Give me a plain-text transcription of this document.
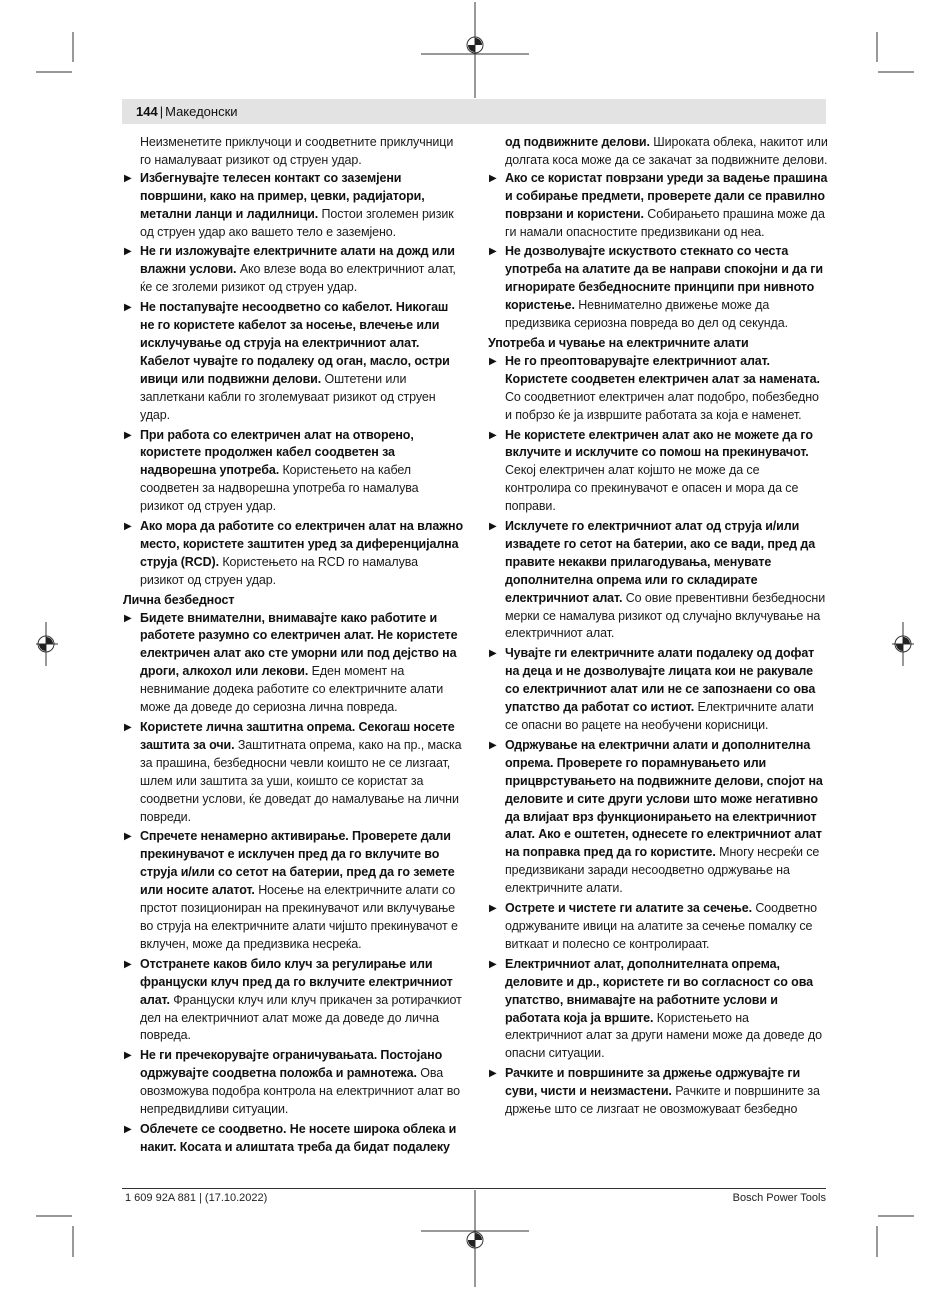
144 | Македонски

Неизменетите приклучоци и соодветните приклучници го намалуваат ризикот од струен удар.

▶ Избегнувајте телесен контакт со заземјени површини, како на пример, цевки, радијатори, метални ланци и ладилници. Постои зголемен ризик од струен удар ако вашето тело е заземјено.
▶ Не ги изложувајте електричните алати на дожд или влажни услови. Ако влезе вода во електричниот алат, ќе се зголеми ризикот од струен удар.
▶ Не постапувајте несоодветно со кабелот. Никогаш не го користете кабелот за носење, влечење или исклучување од струја на електричниот алат. Кабелот чувајте го подалеку од оган, масло, остри ивици или подвижни делови. Оштетени или заплеткани кабли го зголемуваат ризикот од струен удар.
▶ При работа со електричен алат на отворено, користете продолжен кабел соодветен за надворешна употреба. Користењето на кабел соодветен за надворешна употреба го намалува ризикот од струен удар.
▶ Ако мора да работите со електричен алат на влажно место, користете заштитен уред за диференцијална струја (RCD). Користењето на RCD го намалува ризикот од струен удар.

Лична безбедност

▶ Бидете внимателни, внимавајте како работите и работете разумно со електричен алат. Не користете електричен алат ако сте уморни или под дејство на дроги, алкохол или лекови. Еден момент на невнимание додека работите со електричните алати може да доведе до сериозна лична повреда.
▶ Користете лична заштитна опрема. Секогаш носете заштита за очи. Заштитната опрема, како на пр., маска за прашина, безбедносни чевли коишто не се лизгаат, шлем или заштита за уши, коишто се користат за соодветни услови, ќе доведат до намалување на лични повреди.
▶ Спречете ненамерно активирање. Проверете дали прекинувачот е исклучен пред да го вклучите во струја и/или со сетот на батерии, пред да го земете или носите алатот. Носење на електричните алати со прстот позициониран на прекинувачот или вклучување во струја на електричните алати чијшто прекинувачот е вклучен, може да предизвика несреќа.
▶ Отстранете каков било клуч за регулирање или француски клуч пред да го вклучите електричниот алат. Француски клуч или клуч прикачен за ротирачкиот дел на електричниот алат може да доведе до лична повреда.
▶ Не ги пречекорувајте ограничувањата. Постојано одржувајте соодветна положба и рамнотежа. Ова овозможува подобра контрола на електричниот алат во непредвидливи ситуации.
▶ Облечете се соодветно. Не носете широка облека и накит. Косата и алиштата треба да бидат подалеку

од подвижните делови. Широката облека, накитот или долгата коса може да се закачат за подвижните делови.

▶ Ако се користат поврзани уреди за вадење прашина и собирање предмети, проверете дали се правилно поврзани и користени. Собирањето прашина може да ги намали опасностите предизвикани од неа.
▶ Не дозволувајте искуството стекнато со честа употреба на алатите да ве направи спокојни и да ги игнорирате безбедносните принципи при нивното користење. Невнимателно движење може да предизвика сериозна повреда во дел од секунда.

Употреба и чување на електричните алати

▶ Не го преоптоварувајте електричниот алат. Користете соодветен електричен алат за намената. Со соодветниот електричен алат подобро, побезбедно и побрзо ќе ја извршите работата за која е наменет.
▶ Не користете електричен алат ако не можете да го вклучите и исклучите со помош на прекинувачот. Секој електричен алат којшто не може да се контролира со прекинувачот е опасен и мора да се поправи.
▶ Исклучете го електричниот алат од струја и/или извадете го сетот на батерии, ако се вади, пред да правите некакви прилагодувања, менувате дополнителна опрема или го складирате електричниот алат. Со овие превентивни безбедносни мерки се намалува ризикот од случајно вклучување на електричниот алат.
▶ Чувајте ги електричните алати подалеку од дофат на деца и не дозволувајте лицата кои не ракувале со електричниот алат или не се запознаени со ова упатство да работат со истиот. Електричните алати се опасни во рацете на необучени корисници.
▶ Одржување на електрични алати и дополнителна опрема. Проверете го порамнувањето или прицврстувањето на подвижните делови, спојот на деловите и сите други услови што може негативно да влијаат врз функционирањето на електричниот алат. Ако е оштетен, однесете го електричниот алат на поправка пред да го користите. Многу несреќи се предизвикани заради несоодветно одржување на електричните алати.
▶ Острете и чистете ги алатите за сечење. Соодветно одржуваните ивици на алатите за сечење помалку се виткаат и полесно се контролираат.
▶ Електричниот алат, дополнителната опрема, деловите и др., користете ги во согласност со ова упатство, внимавајте на работните услови и работата која ја вршите. Користењето на електричниот алат за други намени може да доведе до опасни ситуации.
▶ Рачките и површините за држење одржувајте ги суви, чисти и неизмастени. Рачките и површините за држење што се лизгаат не овозможуваат безбедно
1 609 92A 881 | (17.10.2022)	Bosch Power Tools
